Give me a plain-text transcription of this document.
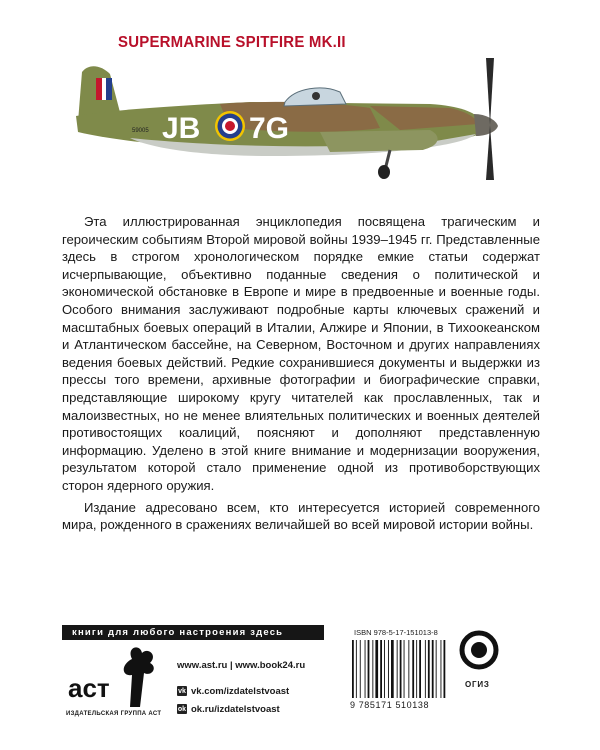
SUPERMARINE SPITFIRE MK.II
59005 JB 7G

Эта иллюстрированная энциклопедия посвящена трагическим и героическим событиям Второй мировой войны 1939–1945 гг. Представленные здесь в строгом хронологическом порядке емкие статьи содержат исчерпывающие, объективно поданные сведения о политической и экономической обстановке в Европе и мире в предвоенные и военные годы. Особого внимания заслуживают подробные карты ключевых сражений и масштабных боевых операций в Италии, Алжире и Японии, в Тихоокеанском и Атлантическом бассейне, на Северном, Восточном и других направлениях ведения боевых действий. Редкие сохранившиеся документы и выдержки из прессы того времени, архивные фотографии и биографические справки, представляющие широкому кругу читателей как прославленных, так и малоизвестных, но не менее влиятельных политических и военных деятелей противостоящих коалиций, поясняют и дополняют представленную информацию. Уделено в этой книге внимание и модернизации вооружения, результатом которой стало применение одной из противоборствующих сторон ядерного оружия.

Издание адресовано всем, кто интересуется историей современного мира, рожденного в сражениях величайшей во всей мировой истории войны.

книги для любого настроения здесь
аст
ИЗДАТЕЛЬСКАЯ ГРУППА АСТ
www.ast.ru | www.book24.ru
vk vk.com/izdatelstvoast
ok ok.ru/izdatelstvoast
ISBN 978-5-17-151013-8
9 785171 510138
ОГИЗ
